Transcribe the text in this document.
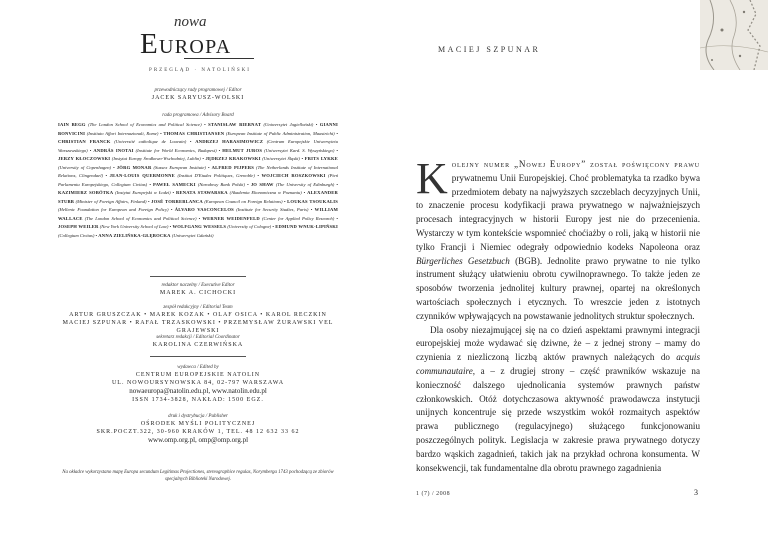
nowa
Europa
PRZEGLĄD · NATOLIŃSKI
przewodniczący rady programowej / Editor
JACEK SARYUSZ-WOLSKI
rada programowa / Advisory Board
IAIN BEGG (The London School of Economics and Political Science) • STANISŁAW BIERNAT (Uniwersytet Jagielloński) • GIANNI BONVICINI (Instituto Affari Internazionali, Rome) • THOMAS CHRISTIANSEN (European Institute of Public Administration, Maastricht) • CHRISTIAN FRANCK (Université catholique de Louvain) • ANDRZEJ HARASIMOWICZ (Centrum Europejskie Uniwersytetu Warszawskiego) • ANDRÁS INOTAI (Institute for World Economics, Budapest) • HELMUT JUROS (Uniwersytet Kard. S. Wyszyńskiego) • JERZY KŁOCZOWSKI (Instytut Europy Środkowo-Wschodniej, Lublin) • JĘDRZEJ KRAKOWSKI (Uniwersytet Śląski) • FRITS LYKKE (University of Copenhagen) • JÖRG MONAR (Sussex European Institute) • ALFRED PIJPERS (The Netherlands Institute of International Relations, Clingendael) • JEAN-LOUIS QUERMONNE (Institut D'Etudes Politiques, Grenoble) • WOJCIECH ROSZKOWSKI (Pień Parlamentu Europejskiego, Collegium Civitas) • PAWEŁ SAMECKI (Narodowy Bank Polski) • JO SHAW (The University of Edinburgh) • KAZIMIERZ SOBÓTKA (Instytut Europejski w Łodzi) • RENATA STAWARSKA (Akademia Ekonomiczna w Poznaniu) • ALEXANDER STUBB (Minister of Foreign Affairs, Finland) • JOSÉ TORREBLANCA (European Council on Foreign Relations) • LOUKAS TSOUKALIS (Hellenic Foundation for European and Foreign Policy) • ÁLVARO VASCONCELOS (Institute for Security Studies, Paris) • WILLIAM WALLACE (The London School of Economics and Political Science) • WERNER WEIDENFELD (Center for Applied Policy Research) • JOSEPH WEILER (New York University School of Law) • WOLFGANG WESSELS (University of Cologne) • EDMUND WNUK-LIPIŃSKI (Collegium Civitas) • ANNA ZIELIŃSKA-GŁĘBOCKA (Uniwersytet Gdański)
redaktor naczelny / Executive Editor
MAREK A. CICHOCKI
zespół redakcyjny / Editorial Team
ARTUR GRUSZCZAK • MAREK KOZAK • OLAF OSICA • KAROL RECZKIN
MACIEJ SZPUNAR • RAFAŁ TRZASKOWSKI • PRZEMYSŁAW ŻURAWSKI VEL GRAJEWSKI
sekretarz redakcji / Editorial Coordinator
KAROLINA CZERWIŃSKA
wydawca / Edited by
CENTRUM EUROPEJSKIE NATOLIN
UL. NOWOURSYNOWSKA 84, 02-797 WARSZAWA
nowaeuropa@natolin.edu.pl, www.natolin.edu.pl
ISSN 1734-3828, NAKŁAD: 1500 EGZ.
druk i dystrybucja / Publisher
OŚRODEK MYŚLI POLITYCZNEJ
SKR.POCZT.322, 30-960 KRAKÓW 1, TEL. 48 12 632 33 62
www.omp.org.pl, omp@omp.org.pl
Na okładce wykorzystano mapę Europa secundum Legitimas Projectiones, stereographice regulas, Norymberga 1743 pochodzącą ze zbiorów specjalnych Biblioteki Narodowej.
MACIEJ SZPUNAR

Kolejny numer „Nowej Europy” został poświęcony prawu prywatnemu Unii Europejskiej. Choć problematyka ta rzadko bywa przedmiotem debaty na najwyższych szczeblach decyzyjnych Unii, to znaczenie procesu kodyfikacji prawa prywatnego w najważniejszych procesach integracyjnych w historii Europy jest nie do przecenienia. Wystarczy w tym kontekście wspomnieć choćiażby o roli, jaką w historii nie tylko Francji i Niemiec odegrały odpowiednio kodeks Napoleona oraz Bürgerliches Gesetzbuch (BGB). Jednolite prawo prywatne to nie tylko instrument służący ułatwieniu obrotu cywilnoprawnego. To także jeden ze sposobów tworzenia jednolitej kultury prawnej, opartej na określonych wartościach społecznych i etycznych. To wreszcie jeden z istotnych czynników wpływających na powstawanie jednolitych struktur społecznych.

Dla osoby niezajmującej się na co dzień aspektami prawnymi integracji europejskiej może wydawać się dziwne, że – z jednej strony – mamy do czynienia z niezliczoną liczbą aktów prawnych należących do acquis communautaire, a – z drugiej strony – część prawników wskazuje na konieczność dalszego ujednolicania systemów prawnych państw członkowskich. Otóż dotychczasowa aktywność prawodawcza instytucji unijnych koncentruje się przede wszystkim wokół rozmaitych aspektów prawa publicznego (regulacyjnego) służącego funkcjonowaniu poszczególnych polityk. Legislacja w zakresie prawa prywatnego dotyczy bardzo wąskich zagadnień, takich jak na przykład ochrona konsumenta. W konsekwencji, tak fundamentalne dla obrotu prawnego zagadnienia

1 (7) / 2008	3
